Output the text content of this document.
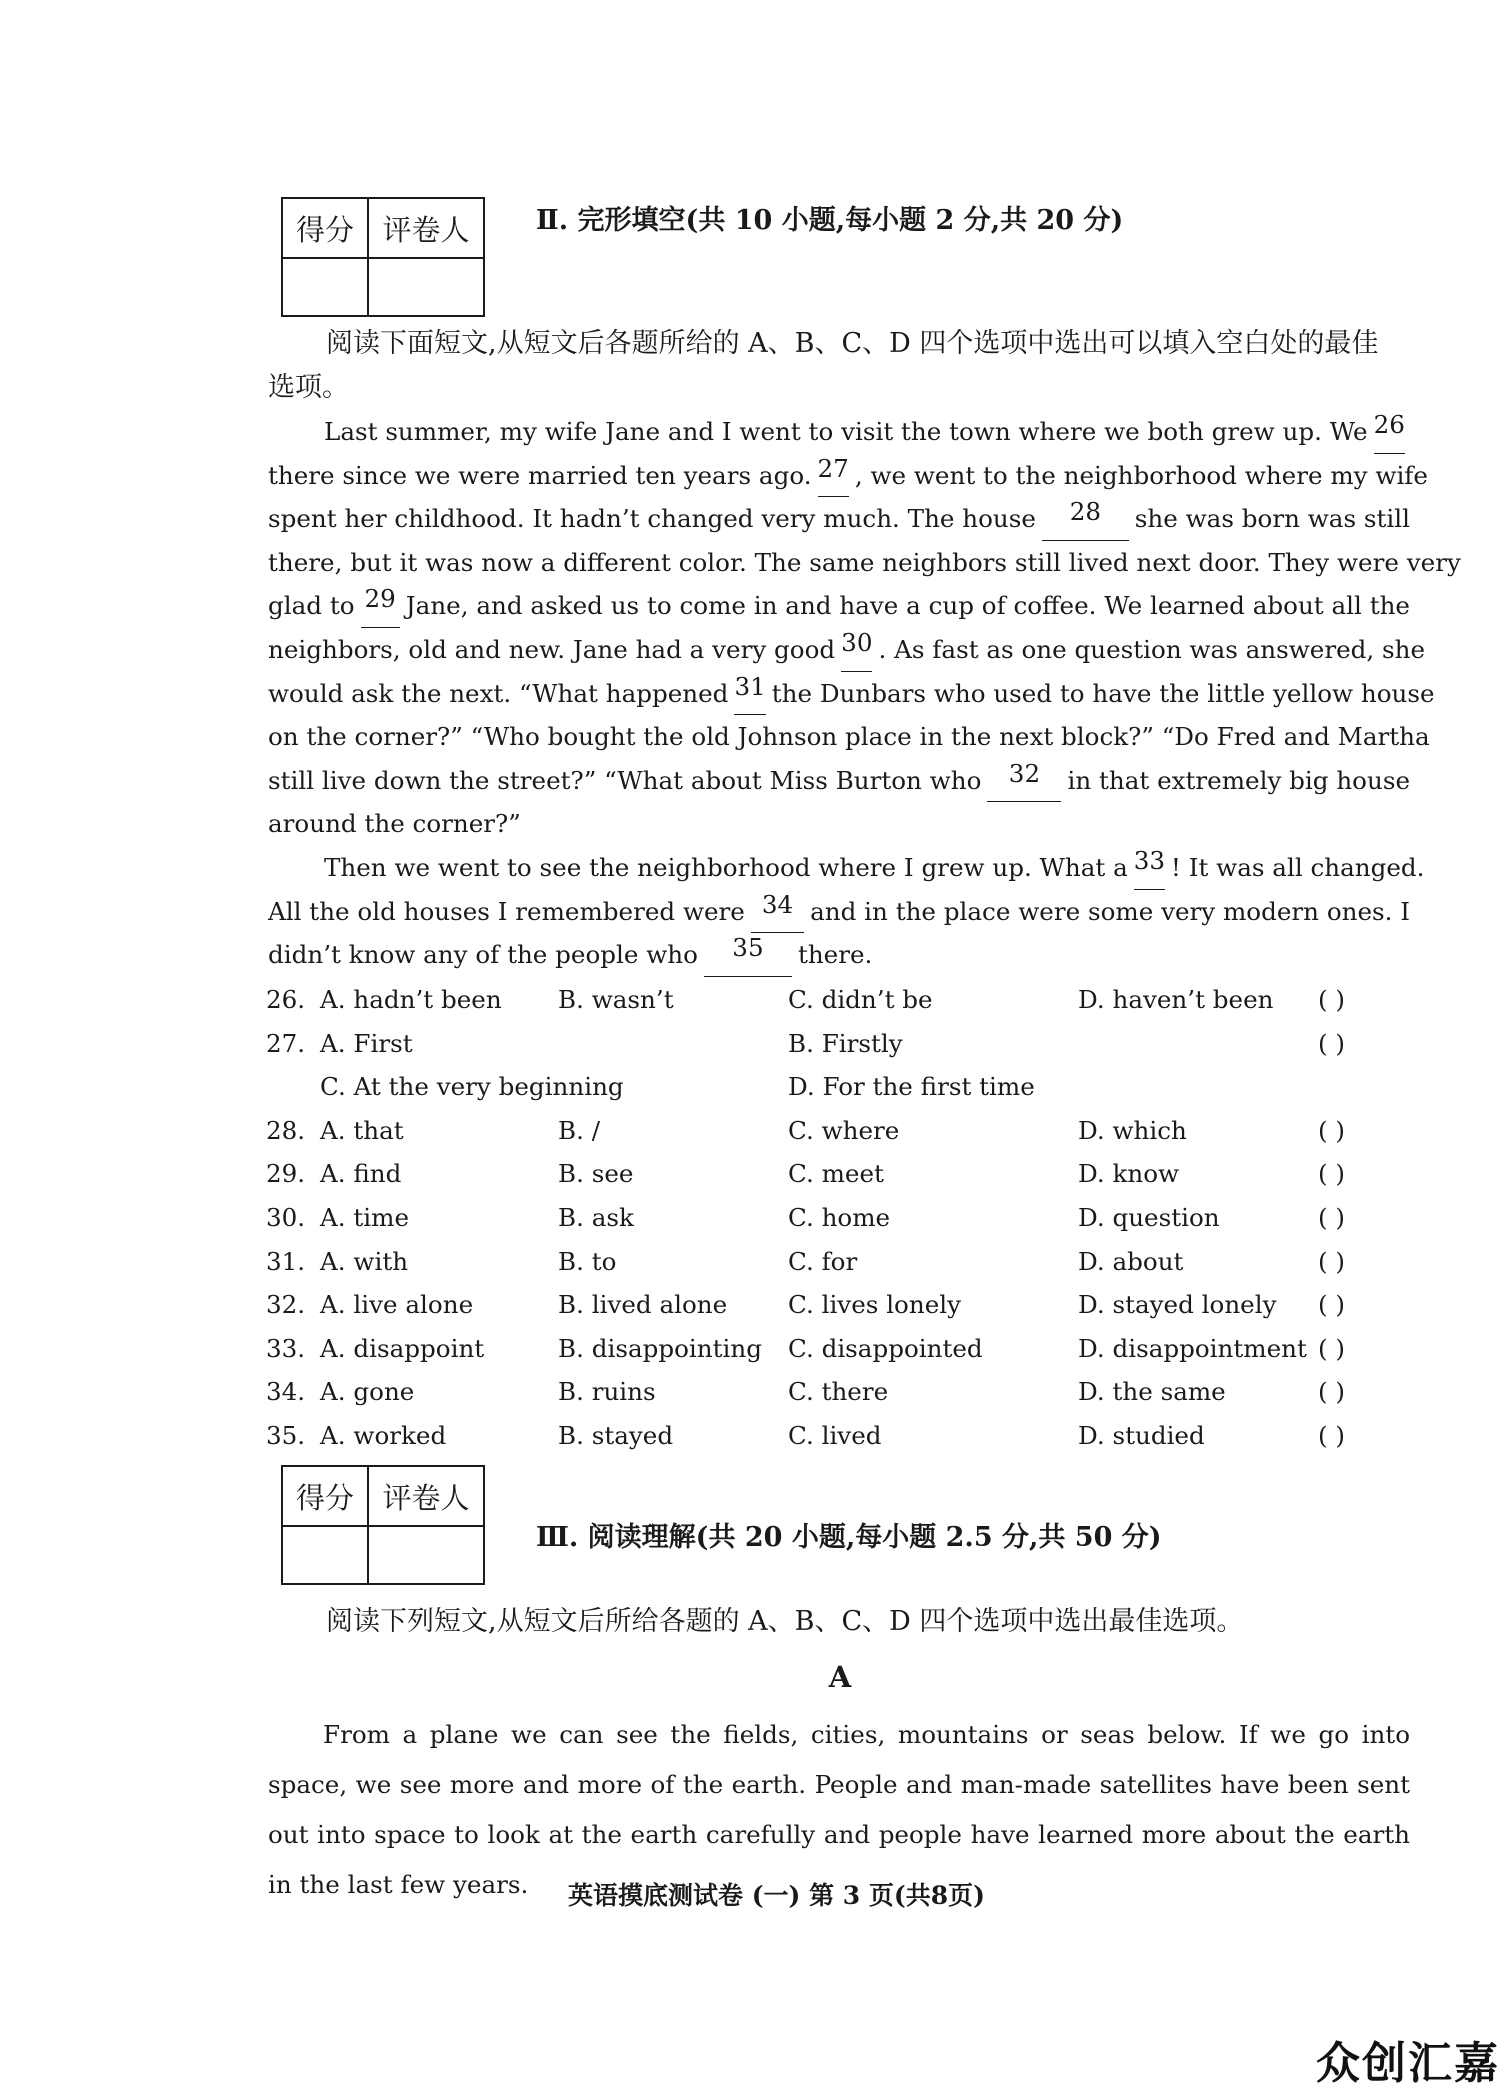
得分	评卷人
	Ⅱ. 完形填空(共 10 小题,每小题 2 分,共 20 分)
阅读下面短文,从短文后各题所给的 A、B、C、D 四个选项中选出可以填入空白处的最佳
选项。
Last summer, my wife Jane and I went to visit the town where we both grew up. We 26
there since we were married ten years ago. 27 , we went to the neighborhood where my wife
spent her childhood. It hadn’t changed very much. The house	28	she was born was still
there, but it was now a different color. The same neighbors still lived next door. They were very
glad to 29 Jane, and asked us to come in and have a cup of coffee. We learned about all the
neighbors, old and new. Jane had a very good 30 . As fast as one question was answered, she
would ask the next. “What happened 31 the Dunbars who used to have the little yellow house
on the corner?” “Who bought the old Johnson place in the next block?” “Do Fred and Martha
still live down the street?” “What about Miss Burton who	32	in that extremely big house
around the corner?”
Then we went to see the neighborhood where I grew up. What a 33 ! It was all changed.
All the old houses I remembered were 34 and in the place were some very modern ones. I
didn’t know any of the people who	35	there.
26. A. hadn’t been B. wasn’t	C. didn’t be	D. haven’t been ( )
27. A. First	B. Firstly	( )
C. At the very beginning	D. For the first time
28. A. that	B. /	C. where	D. which	( )
29. A. find	B. see	C. meet	D. know	( )
30. A. time	B. ask	C. home	D. question	( )
31. A. with	B. to	C. for	D. about	( )
32. A. live alone	B. lived alone C. lives lonely	D. stayed lonely ( )
33. A. disappoint	B. disappointing C. disappointed	D. disappointment ( )
34. A. gone	B. ruins	C. there	D. the same	( )
35. A. worked	B. stayed	C. lived	D. studied	( )
得分	评卷人

Ⅲ. 阅读理解(共 20 小题,每小题 2.5 分,共 50 分)
阅读下列短文,从短文后所给各题的 A、B、C、D 四个选项中选出最佳选项。
A

From a plane we can see the fields, cities, mountains or seas below. If we go into space, we see more and more of the earth. People and man-made satellites have been sent out into space to look at the earth carefully and people have learned more about the earth in the last few years.	英语摸底测试卷 (一) 第 3 页(共8页)
众创汇嘉
